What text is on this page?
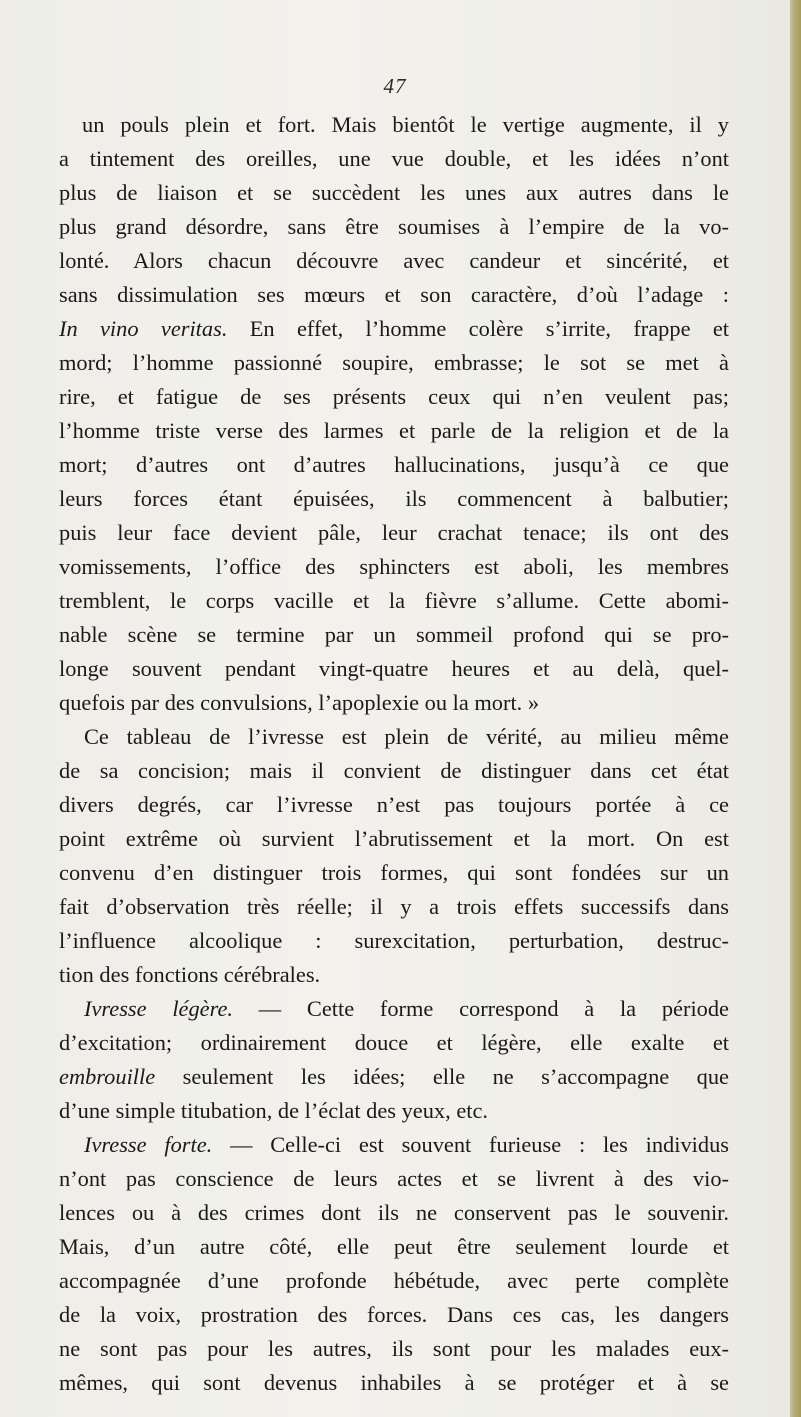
47
un pouls plein et fort. Mais bientôt le vertige augmente, il y
a tintement des oreilles, une vue double, et les idées n’ont
plus de liaison et se succèdent les unes aux autres dans le
plus grand désordre, sans être soumises à l’empire de la vo-
lonté. Alors chacun découvre avec candeur et sincérité, et
sans dissimulation ses mœurs et son caractère, d’où l’adage :
In vino veritas. En effet, l’homme colère s’irrite, frappe et
mord; l’homme passionné soupire, embrasse; le sot se met à
rire, et fatigue de ses présents ceux qui n’en veulent pas;
l’homme triste verse des larmes et parle de la religion et de la
mort; d’autres ont d’autres hallucinations, jusqu’à ce que
leurs forces étant épuisées, ils commencent à balbutier;
puis leur face devient pâle, leur crachat tenace; ils ont des
vomissements, l’office des sphincters est aboli, les membres
tremblent, le corps vacille et la fièvre s’allume. Cette abomi-
nable scène se termine par un sommeil profond qui se pro-
longe souvent pendant vingt-quatre heures et au delà, quel-
quefois par des convulsions, l’apoplexie ou la mort. »
Ce tableau de l’ivresse est plein de vérité, au milieu même
de sa concision; mais il convient de distinguer dans cet état
divers degrés, car l’ivresse n’est pas toujours portée à ce
point extrême où survient l’abrutissement et la mort. On est
convenu d’en distinguer trois formes, qui sont fondées sur un
fait d’observation très réelle; il y a trois effets successifs dans
l’influence alcoolique : surexcitation, perturbation, destruc-
tion des fonctions cérébrales.
Ivresse légère. — Cette forme correspond à la période
d’excitation; ordinairement douce et légère, elle exalte et
embrouille seulement les idées; elle ne s’accompagne que
d’une simple titubation, de l’éclat des yeux, etc.
Ivresse forte. — Celle-ci est souvent furieuse : les individus
n’ont pas conscience de leurs actes et se livrent à des vio-
lences ou à des crimes dont ils ne conservent pas le souvenir.
Mais, d’un autre côté, elle peut être seulement lourde et
accompagnée d’une profonde hébétude, avec perte complète
de la voix, prostration des forces. Dans ces cas, les dangers
ne sont pas pour les autres, ils sont pour les malades eux-
mêmes, qui sont devenus inhabiles à se protéger et à se
